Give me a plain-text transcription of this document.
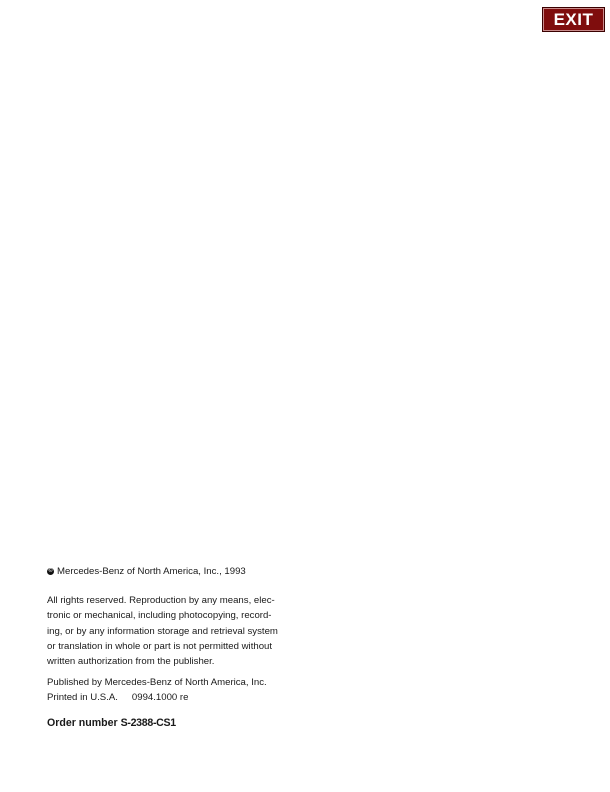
EXIT
© Mercedes-Benz of North America, Inc., 1993
All rights reserved. Reproduction by any means, elec-
tronic or mechanical, including photocopying, record-
ing, or by any information storage and retrieval system
or translation in whole or part is not permitted without
written authorization from the publisher.
Published by Mercedes-Benz of North America, Inc.
Printed in U.S.A. 0994.1000 re
Order number S-2388-CS1
